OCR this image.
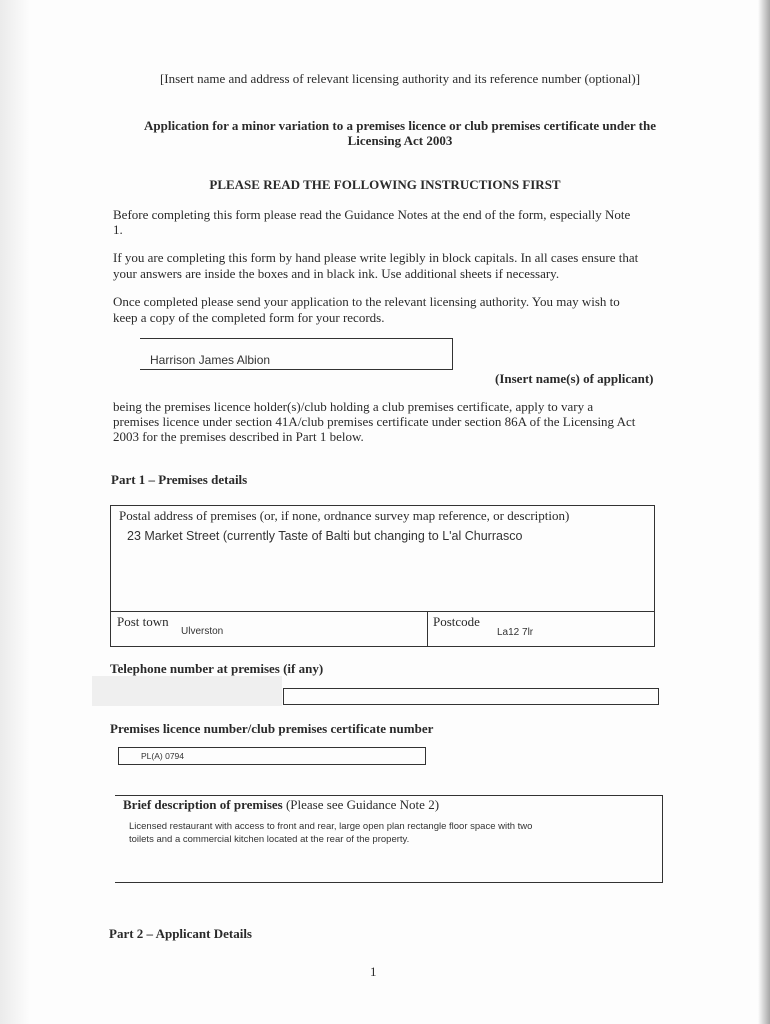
[Insert name and address of relevant licensing authority and its reference number (optional)]
Application for a minor variation to a premises licence or club premises certificate under the
Licensing Act 2003
PLEASE READ THE FOLLOWING INSTRUCTIONS FIRST
Before completing this form please read the Guidance Notes at the end of the form, especially Note
1.
If you are completing this form by hand please write legibly in block capitals. In all cases ensure that
your answers are inside the boxes and in black ink. Use additional sheets if necessary.
Once completed please send your application to the relevant licensing authority. You may wish to
keep a copy of the completed form for your records.
Harrison James Albion
(Insert name(s) of applicant)
being the premises licence holder(s)/club holding a club premises certificate, apply to vary a
premises licence under section 41A/club premises certificate under section 86A of the Licensing Act
2003 for the premises described in Part 1 below.
Part 1 – Premises details
Postal address of premises (or, if none, ordnance survey map reference, or description)
23 Market Street (currently Taste of Balti but changing to L'al Churrasco
Post town
Ulverston
Postcode
La12 7lr
Telephone number at premises (if any)
Premises licence number/club premises certificate number
PL(A) 0794
Brief description of premises (Please see Guidance Note 2)
Licensed restaurant with access to front and rear, large open plan rectangle floor space with two
toilets and a commercial kitchen located at the rear of the property.
Part 2 – Applicant Details
1
